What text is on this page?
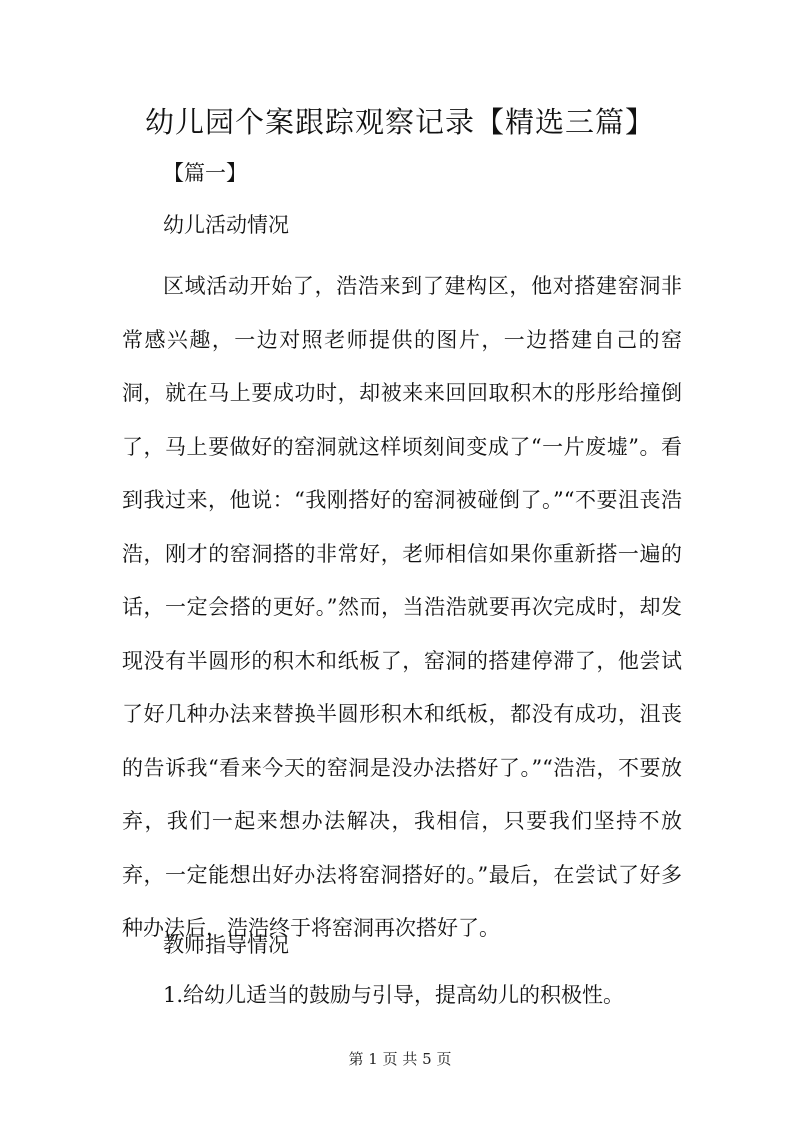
幼儿园个案跟踪观察记录【精选三篇】
【篇一】
幼儿活动情况

区域活动开始了，浩浩来到了建构区，他对搭建窑洞非常感兴趣，一边对照老师提供的图片，一边搭建自己的窑洞，就在马上要成功时，却被来来回回取积木的彤彤给撞倒了，马上要做好的窑洞就这样顷刻间变成了“一片废墟”。看到我过来，他说：“我刚搭好的窑洞被碰倒了。”“不要沮丧浩浩，刚才的窑洞搭的非常好，老师相信如果你重新搭一遍的话，一定会搭的更好。”然而，当浩浩就要再次完成时，却发现没有半圆形的积木和纸板了，窑洞的搭建停滞了，他尝试了好几种办法来替换半圆形积木和纸板，都没有成功，沮丧的告诉我“看来今天的窑洞是没办法搭好了。”“浩浩，不要放弃，我们一起来想办法解决，我相信，只要我们坚持不放弃，一定能想出好办法将窑洞搭好的。”最后，在尝试了好多种办法后，浩浩终于将窑洞再次搭好了。

教师指导情况
1.给幼儿适当的鼓励与引导，提高幼儿的积极性。
第 1 页 共 5 页
